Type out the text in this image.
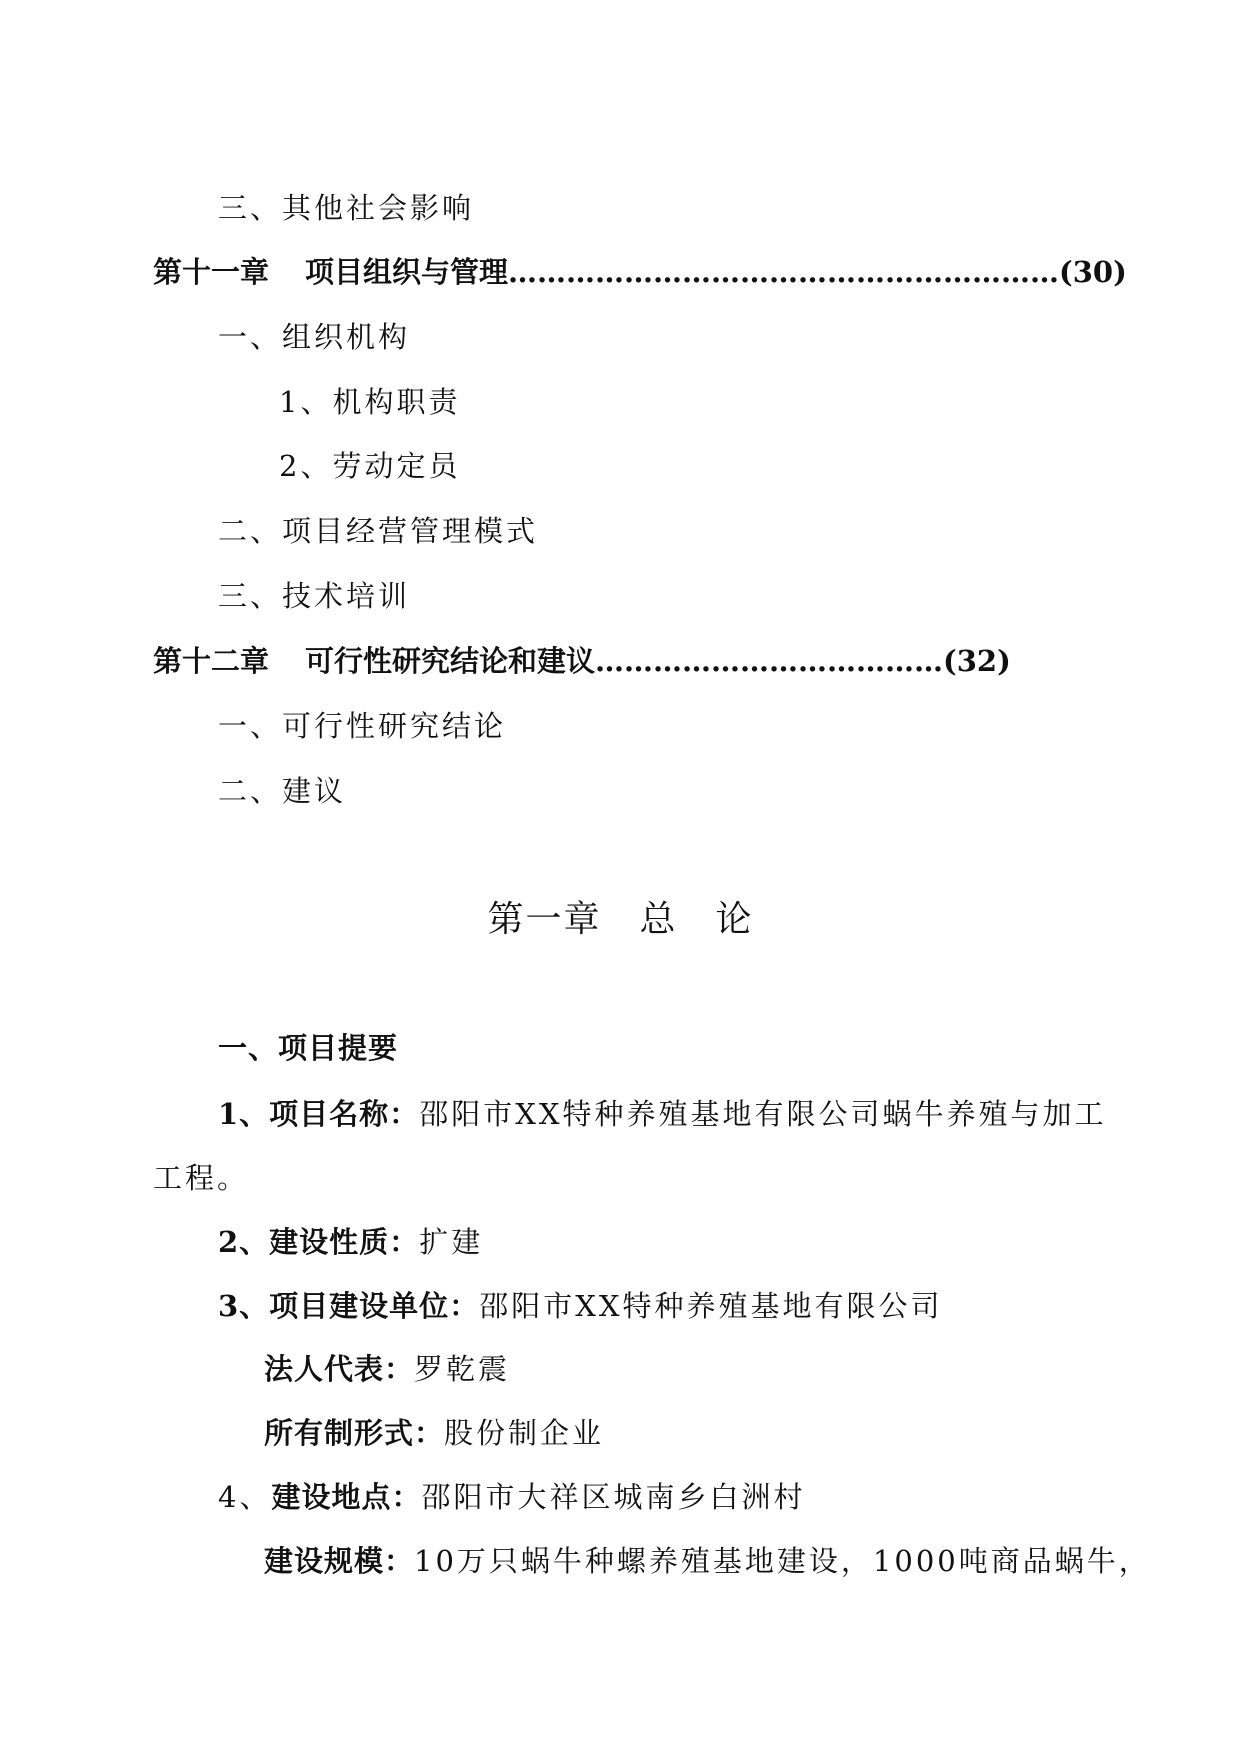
三、其他社会影响
第十一章 项目组织与管理…………………………………………………(30)
一、组织机构
1、机构职责
2、劳动定员
二、项目经营管理模式
三、技术培训
第十二章 可行性研究结论和建议………………………………(32)
一、可行性研究结论
二、建议
第一章 总 论
一、项目提要
1、项目名称：邵阳市XX特种养殖基地有限公司蜗牛养殖与加工
工程。
2、建设性质：扩建
3、项目建设单位：邵阳市XX特种养殖基地有限公司
法人代表：罗乾震
所有制形式：股份制企业
4、建设地点：邵阳市大祥区城南乡白洲村
建设规模：10万只蜗牛种螺养殖基地建设，1000吨商品蜗牛，
